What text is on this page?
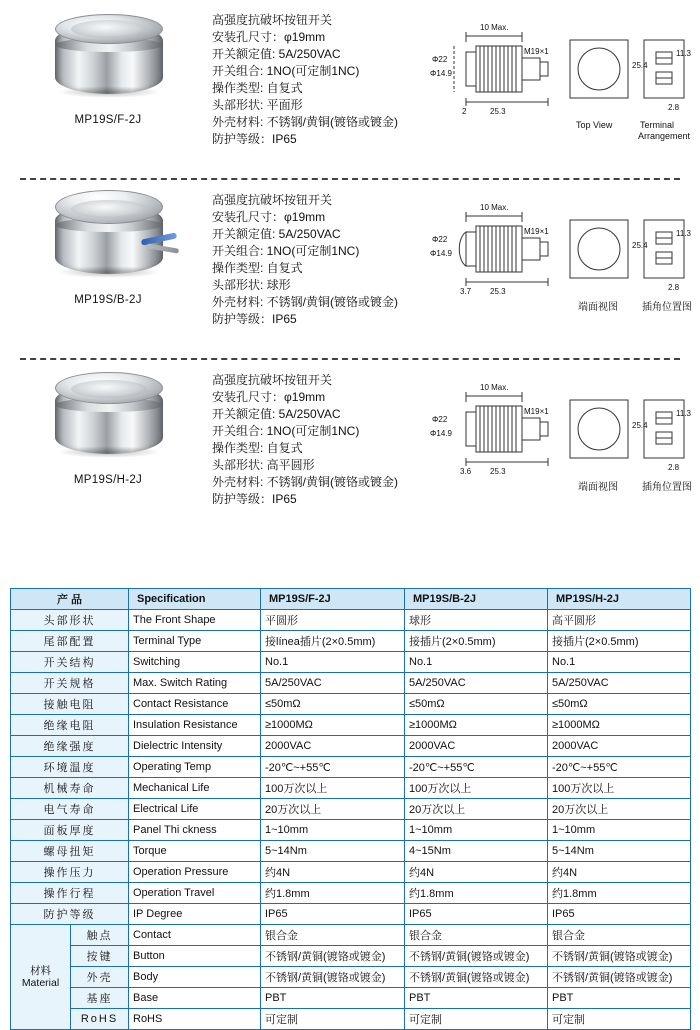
MP19S/F-2J
高强度抗破坏按钮开关
安装孔尺寸：φ19mm
开关额定值: 5A/250VAC
开关组合: 1NO(可定制1NC)
操作类型: 自复式
头部形状: 平面形
外壳材料: 不锈钢/黄铜(镀铬或镀金)
防护等级：IP65
10 Max.
Φ22
Φ14.9
M19×1
2	25.3
25.4
11.3
2.8
Top View	Terminal
Arrangement
MP19S/B-2J
高强度抗破坏按钮开关
安装孔尺寸：φ19mm
开关额定值: 5A/250VAC
开关组合: 1NO(可定制1NC)
操作类型: 自复式
头部形状: 球形
外壳材料: 不锈钢/黄铜(镀铬或镀金)
防护等级：IP65
10 Max.
Φ22
Φ14.9
M19×1
3.7 25.3
25.4
11.3
2.8
端面视图 插角位置图
MP19S/H-2J
高强度抗破坏按钮开关
安装孔尺寸：φ19mm
开关额定值: 5A/250VAC
开关组合: 1NO(可定制1NC)
操作类型: 自复式
头部形状: 高平圆形
外壳材料: 不锈钢/黄铜(镀铬或镀金)
防护等级：IP65
10 Max.
Φ22
Φ14.9
M19×1
3.6 25.3
25.4
11.3
2.8
端面视图 插角位置图
产 品		Specification	MP19S/F-2J	MP19S/B-2J	MP19S/H-2J
头部形状		The Front Shape	平圆形	球形	高平圆形
尾部配置		Terminal Type	接línea插片(2×0.5mm)	接插片(2×0.5mm)	接插片(2×0.5mm)
开关结构		Switching	No.1	No.1	No.1
开关规格		Max. Switch Rating	5A/250VAC	5A/250VAC	5A/250VAC
接触电阻		Contact Resistance	≤50mΩ	≤50mΩ	≤50mΩ
绝缘电阻		Insulation Resistance	≥1000MΩ	≥1000MΩ	≥1000MΩ
绝缘强度		Dielectric Intensity	2000VAC	2000VAC	2000VAC
环境温度		Operating Temp	-20℃~+55℃	-20℃~+55℃	-20℃~+55℃
机械寿命		Mechanical Life	100万次以上	100万次以上	100万次以上
电气寿命		Electrical Life	20万次以上	20万次以上	20万次以上
面板厚度		Panel Thi ckness	1~10mm	1~10mm	1~10mm
螺母扭矩		Torque	5~14Nm	4~15Nm	5~14Nm
操作压力		Operation Pressure	约4N	约4N	约4N
操作行程		Operation Travel	约1.8mm	约1.8mm	约1.8mm
防护等级		IP Degree	IP65	IP65	IP65
材料
Material	触点	Contact	银合金	银合金	银合金
	按键	Button	不锈钢/黄铜(镀铬或镀金)	不锈钢/黄铜(镀铬或镀金)	不锈钢/黄铜(镀铬或镀金)
	外壳	Body	不锈钢/黄铜(镀铬或镀金)	不锈钢/黄铜(镀铬或镀金)	不锈钢/黄铜(镀铬或镀金)
	基座	Base	PBT	PBT	PBT
	RoHS	RoHS	可定制	可定制	可定制
